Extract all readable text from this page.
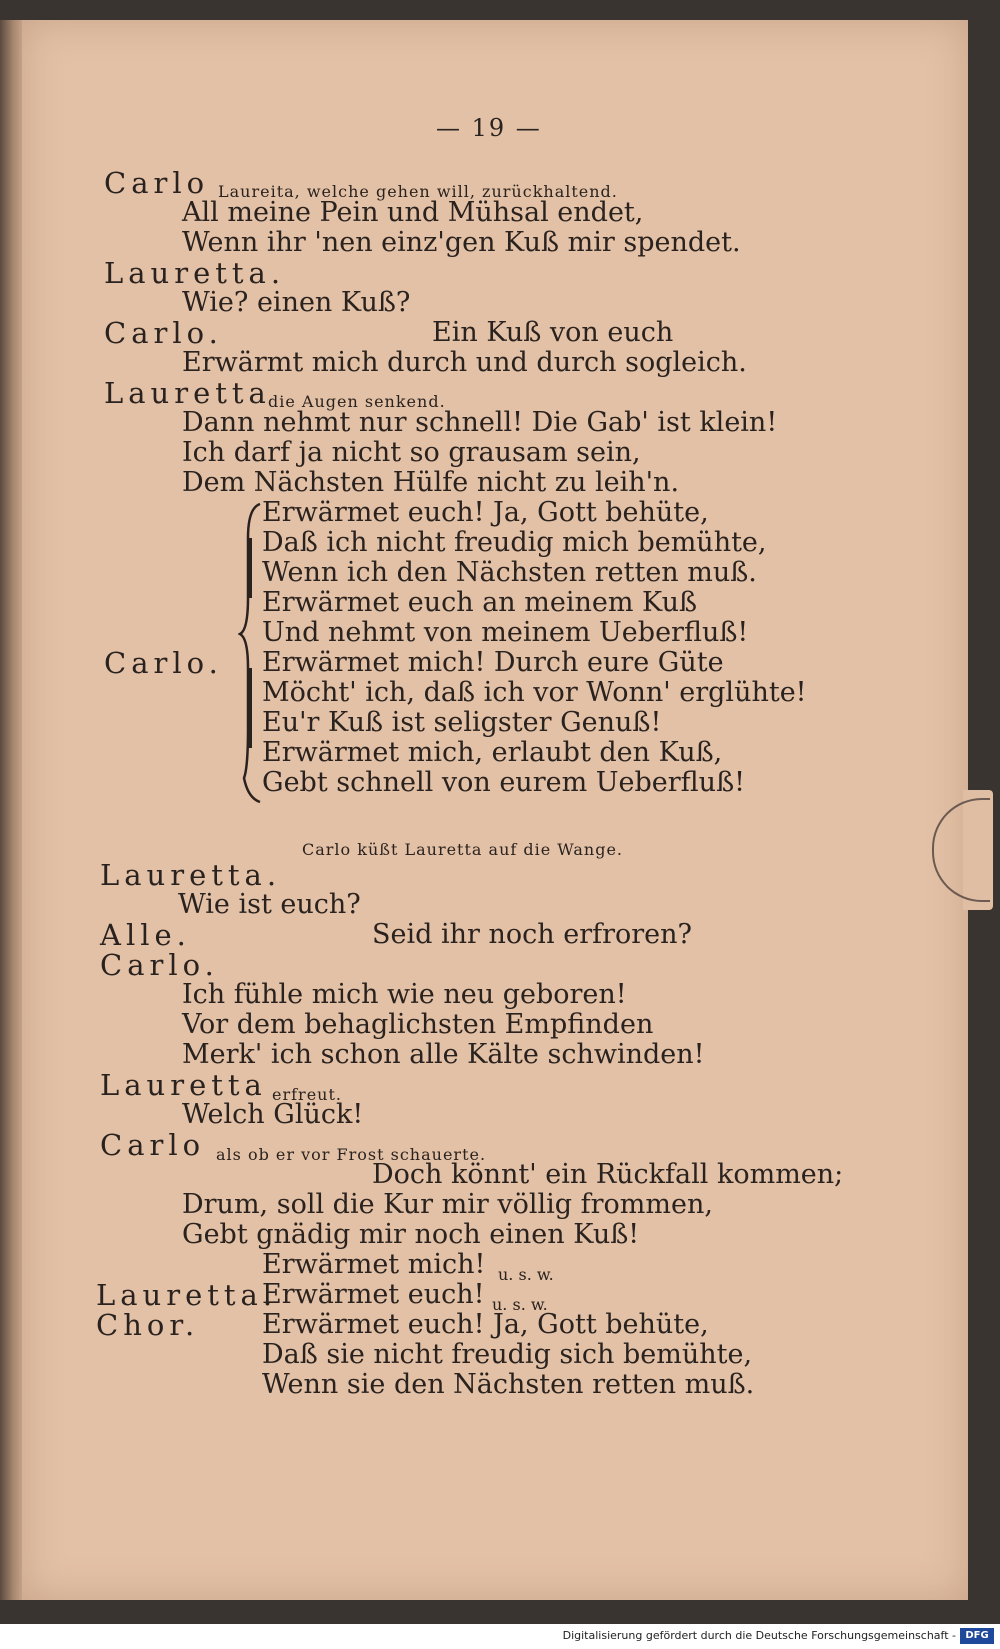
— 19 —
Carlo Laureita, welche gehen will, zurückhaltend.
All meine Pein und Mühsal endet,
Wenn ihr 'nen einz'gen Kuß mir spendet.
Lauretta.
Wie? einen Kuß?
Carlo.	Ein Kuß von euch
Erwärmt mich durch und durch sogleich.
Lauretta
die Augen senkend.
Dann nehmt nur schnell! Die Gab' ist klein!
Ich darf ja nicht so grausam sein,
Dem Nächsten Hülfe nicht zu leih'n.
Erwärmet euch! Ja, Gott behüte,
Daß ich nicht freudig mich bemühte,
Wenn ich den Nächsten retten muß.
Erwärmet euch an meinem Kuß
Und nehmt von meinem Ueberfluß!
Carlo. Erwärmet mich! Durch eure Güte
Möcht' ich, daß ich vor Wonn' erglühte!
Eu'r Kuß ist seligster Genuß!
Erwärmet mich, erlaubt den Kuß,
Gebt schnell von eurem Ueberfluß!
Carlo küßt Lauretta auf die Wange.
Lauretta.
Wie ist euch?
Alle.	Seid ihr noch erfroren?
Carlo.
Ich fühle mich wie neu geboren!
Vor dem behaglichsten Empfinden
Merk' ich schon alle Kälte schwinden!
Lauretta erfreut.
Welch Glück!
Carlo als ob er vor Frost schauerte.
Doch könnt' ein Rückfall kommen;
Drum, soll die Kur mir völlig frommen,
Gebt gnädig mir noch einen Kuß!
Erwärmet mich! u. s. w.
Lauretta.
Erwärmet euch! u. s. w.
Chor. Erwärmet euch! Ja, Gott behüte,
Daß sie nicht freudig sich bemühte,
Wenn sie den Nächsten retten muß.
Digitalisierung gefördert durch die Deutsche Forschungsgemeinschaft - DFG
